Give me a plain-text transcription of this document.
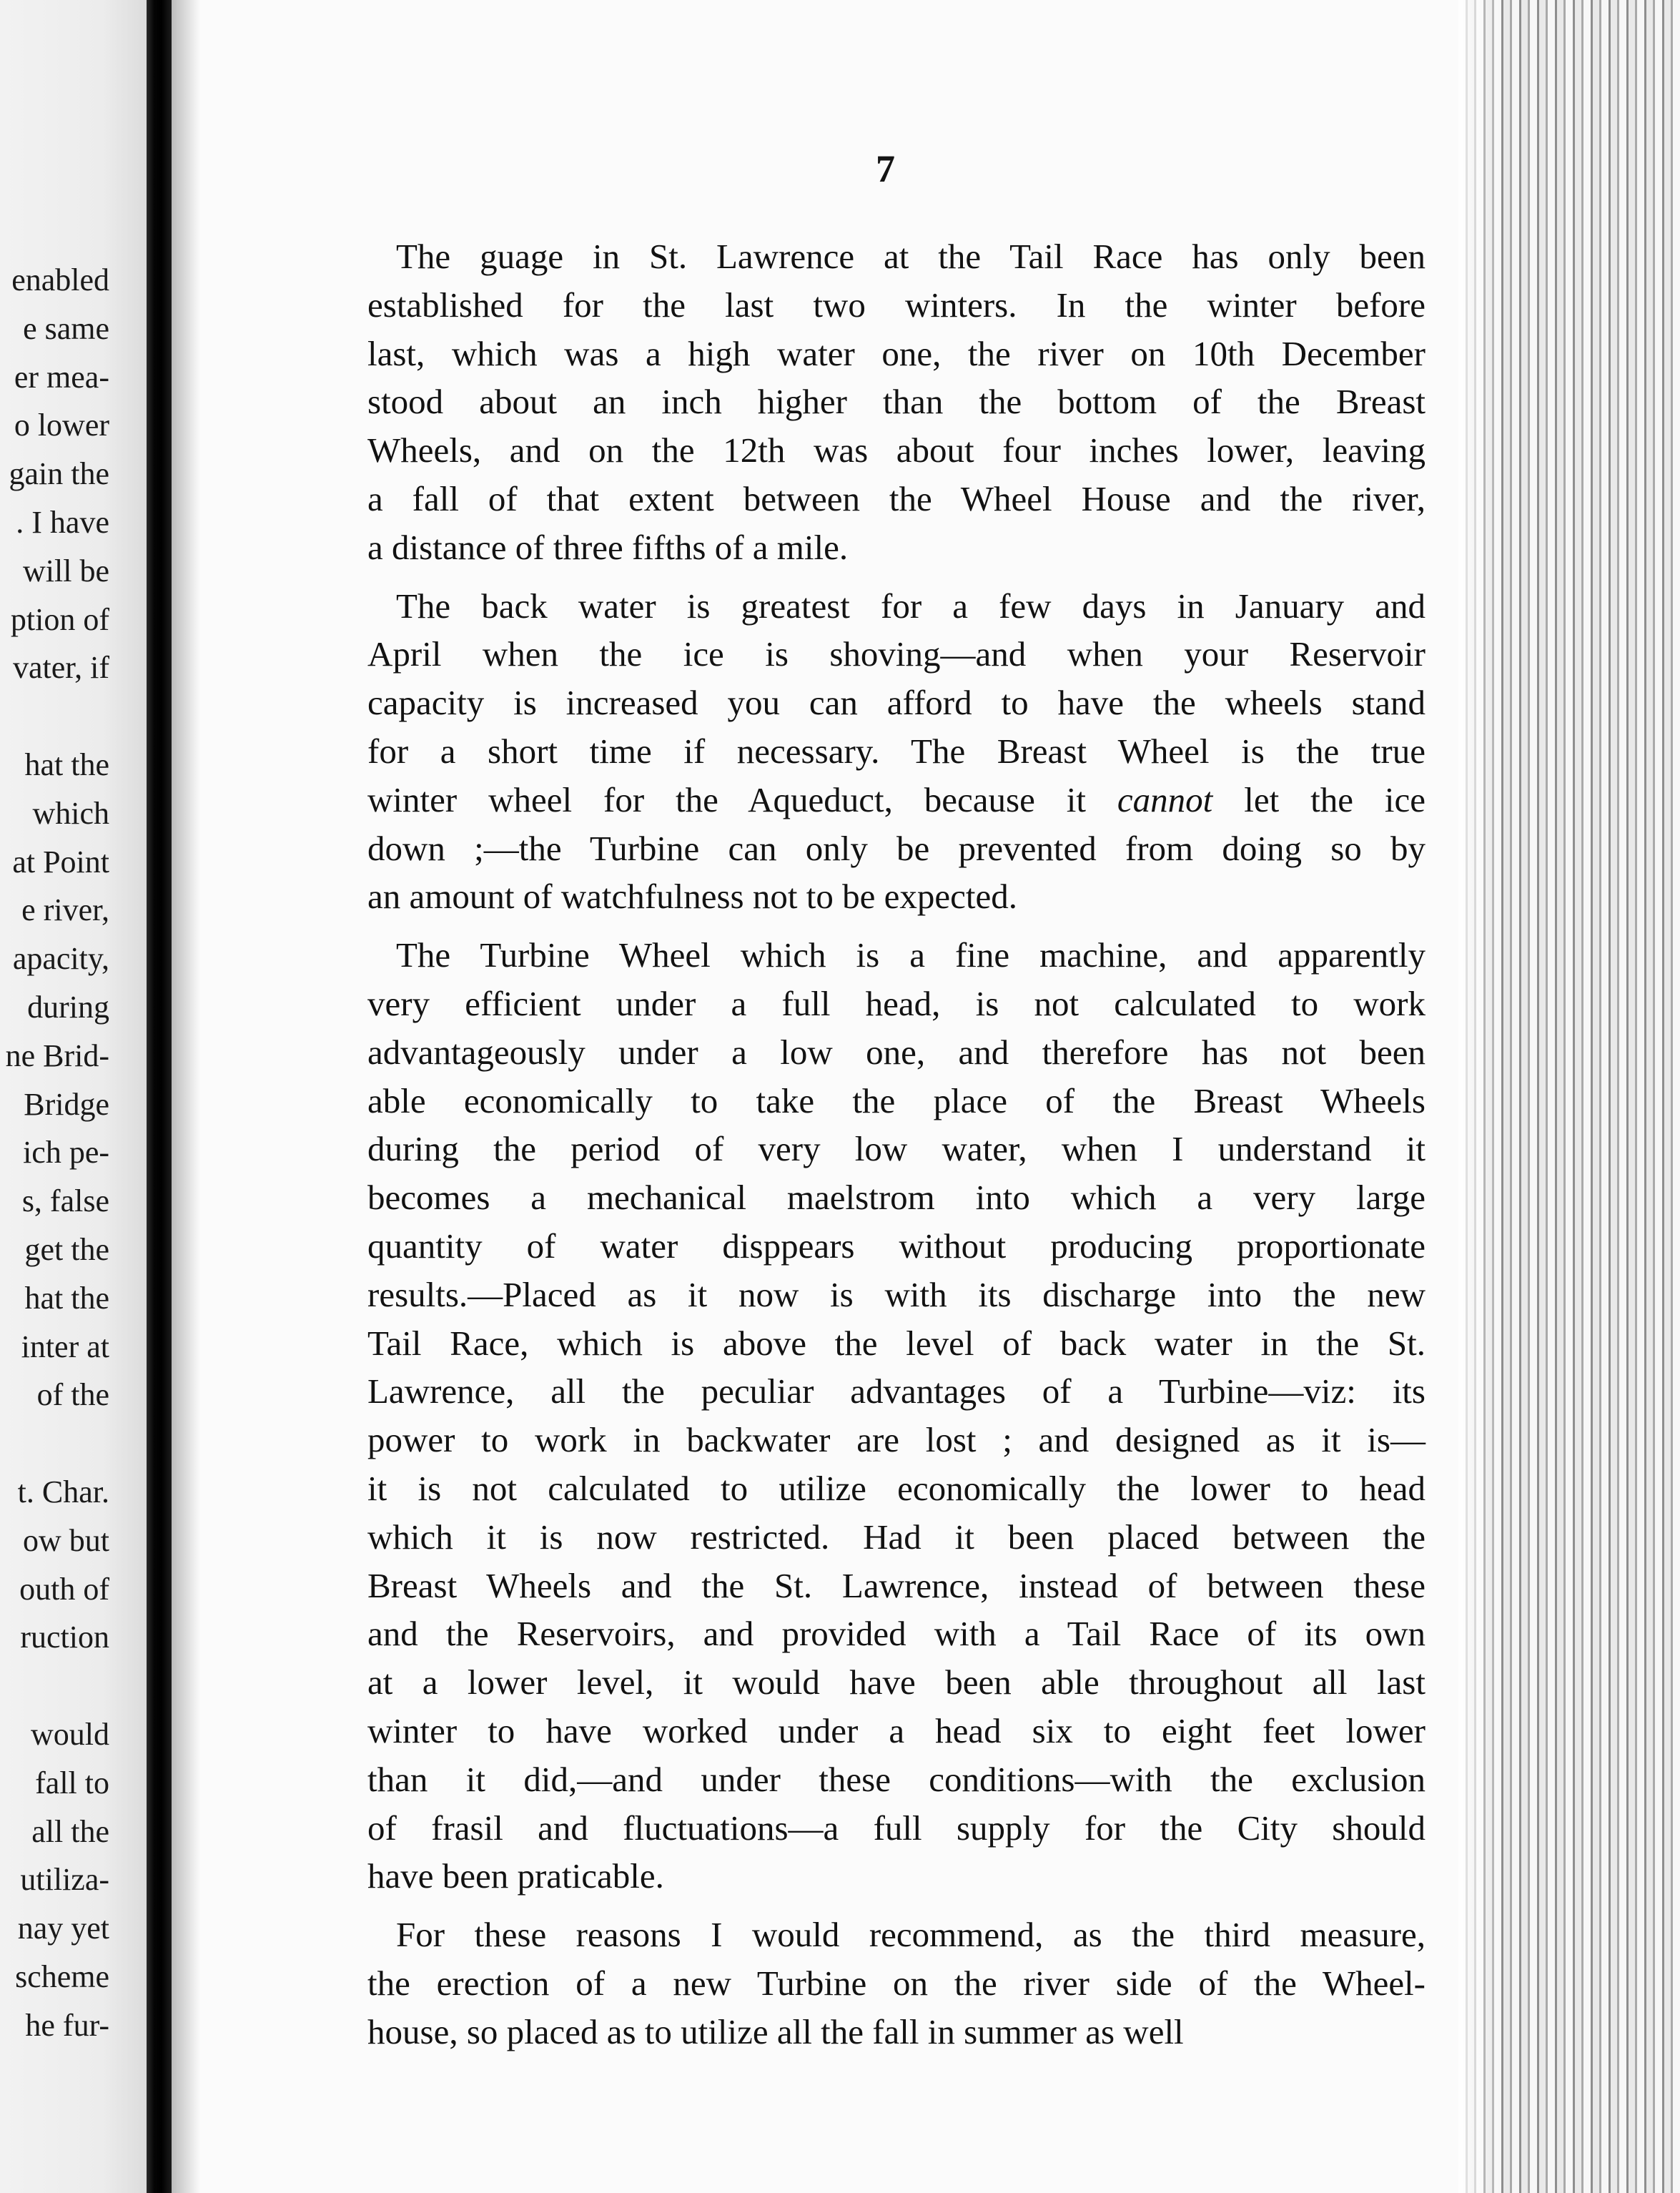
enabled
e same
er mea-
o lower
gain the
. I have
will be
ption of
vater, if
hat the
which
at Point
e river,
apacity,
during
ne Brid-
Bridge
ich pe-
s, false
get the
hat the
inter at
of the
t. Char.
ow but
outh of
ruction
would
fall to
all the
utiliza-
nay yet
scheme
he fur-
7
The guage in St. Lawrence at the Tail Race has only been
established for the last two winters. In the winter before
last, which was a high water one, the river on 10th December
stood about an inch higher than the bottom of the Breast
Wheels, and on the 12th was about four inches lower, leaving
a fall of that extent between the Wheel House and the river,
a distance of three fifths of a mile.
The back water is greatest for a few days in January and
April when the ice is shoving—and when your Reservoir
capacity is increased you can afford to have the wheels stand
for a short time if necessary. The Breast Wheel is the true
winter wheel for the Aqueduct, because it cannot let the ice
down ;—the Turbine can only be prevented from doing so by
an amount of watchfulness not to be expected.
The Turbine Wheel which is a fine machine, and apparently
very efficient under a full head, is not calculated to work
advantageously under a low one, and therefore has not been
able economically to take the place of the Breast Wheels
during the period of very low water, when I understand it
becomes a mechanical maelstrom into which a very large
quantity of water disppears without producing proportionate
results.—Placed as it now is with its discharge into the new
Tail Race, which is above the level of back water in the St.
Lawrence, all the peculiar advantages of a Turbine—viz: its
power to work in backwater are lost ; and designed as it is—
it is not calculated to utilize economically the lower to head
which it is now restricted. Had it been placed between the
Breast Wheels and the St. Lawrence, instead of between these
and the Reservoirs, and provided with a Tail Race of its own
at a lower level, it would have been able throughout all last
winter to have worked under a head six to eight feet lower
than it did,—and under these conditions—with the exclusion
of frasil and fluctuations—a full supply for the City should
have been praticable.
For these reasons I would recommend, as the third measure,
the erection of a new Turbine on the river side of the Wheel-
house, so placed as to utilize all the fall in summer as well
